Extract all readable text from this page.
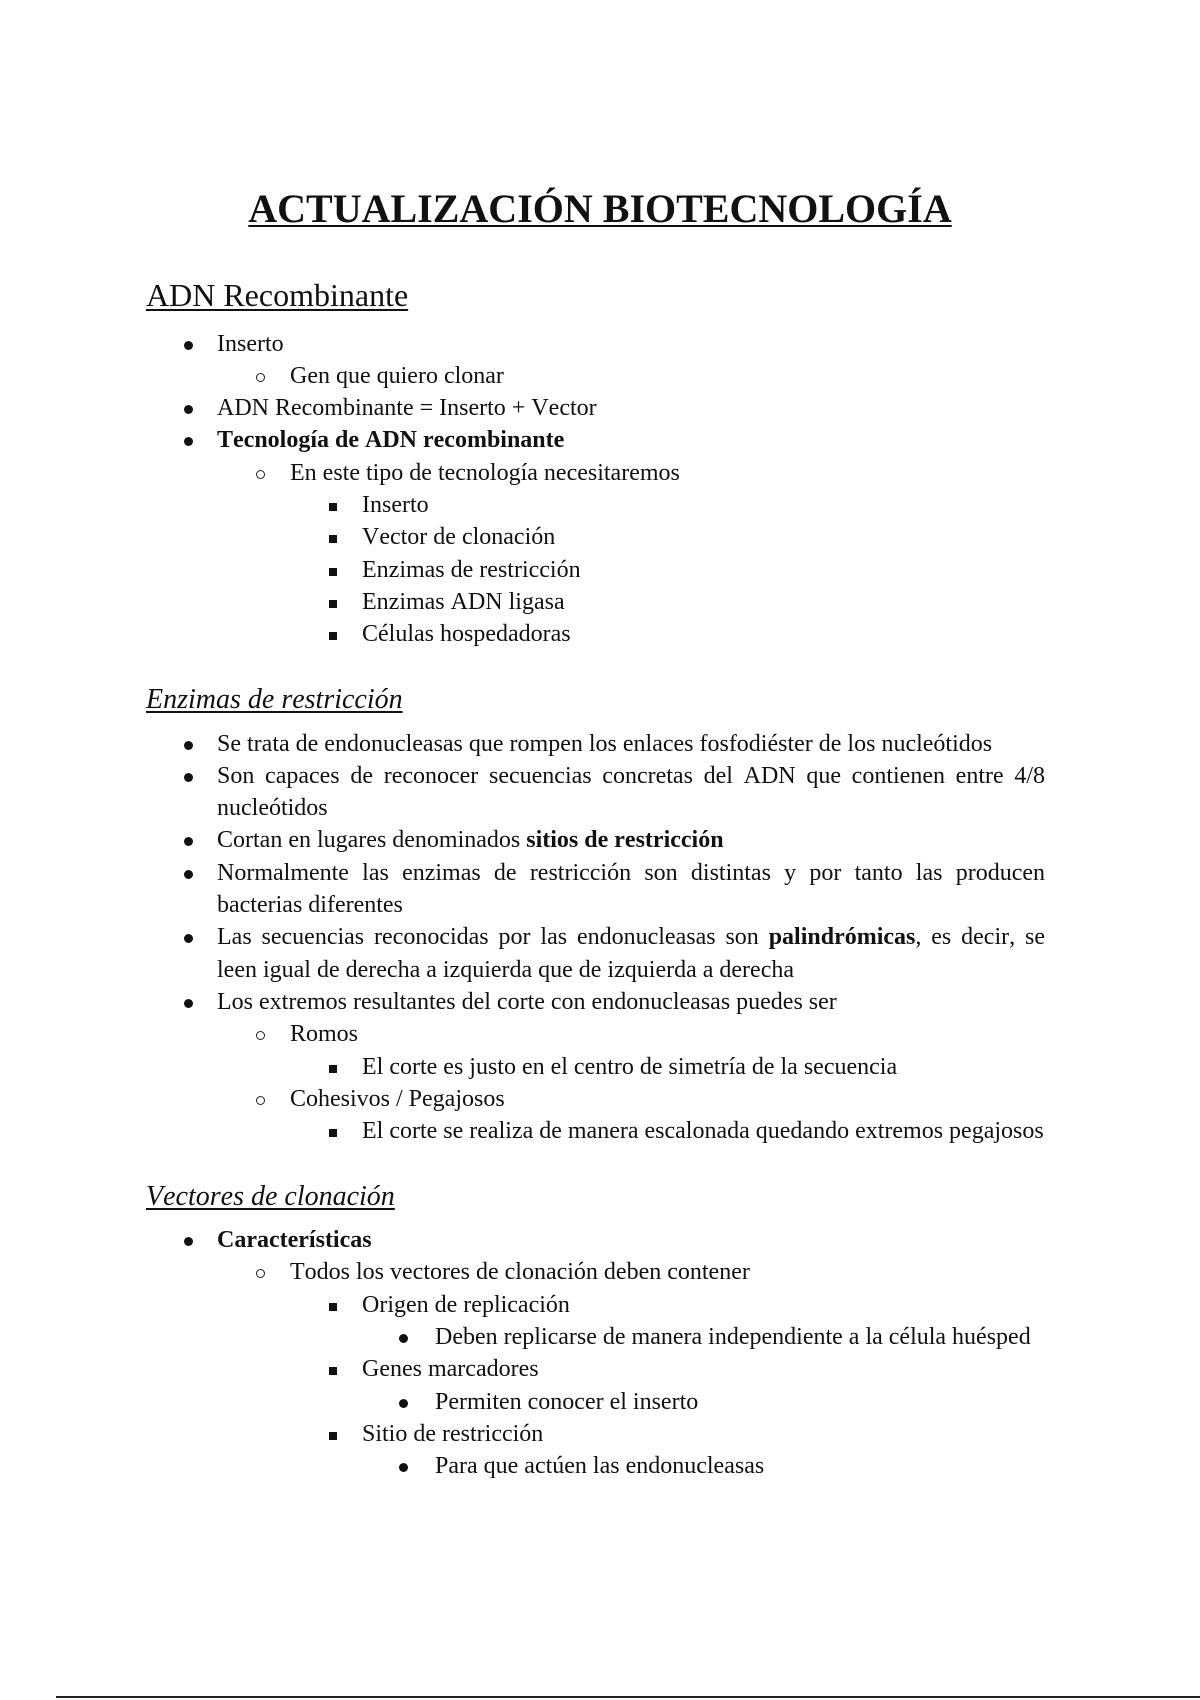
ACTUALIZACIÓN BIOTECNOLOGÍA
ADN Recombinante
Inserto
Gen que quiero clonar
ADN Recombinante = Inserto + Vector
Tecnología de ADN recombinante
En este tipo de tecnología necesitaremos
Inserto
Vector de clonación
Enzimas de restricción
Enzimas ADN ligasa
Células hospedadoras
Enzimas de restricción
Se trata de endonucleasas que rompen los enlaces fosfodiéster de los nucleótidos
Son capaces de reconocer secuencias concretas del ADN que contienen entre 4/8 nucleótidos
Cortan en lugares denominados sitios de restricción
Normalmente las enzimas de restricción son distintas y por tanto las producen bacterias diferentes
Las secuencias reconocidas por las endonucleasas son palindrómicas, es decir, se leen igual de derecha a izquierda que de izquierda a derecha
Los extremos resultantes del corte con endonucleasas puedes ser
Romos
El corte es justo en el centro de simetría de la secuencia
Cohesivos / Pegajosos
El corte se realiza de manera escalonada quedando extremos pegajosos
Vectores de clonación
Características
Todos los vectores de clonación deben contener
Origen de replicación
Deben replicarse de manera independiente a la célula huésped
Genes marcadores
Permiten conocer el inserto
Sitio de restricción
Para que actúen las endonucleasas
